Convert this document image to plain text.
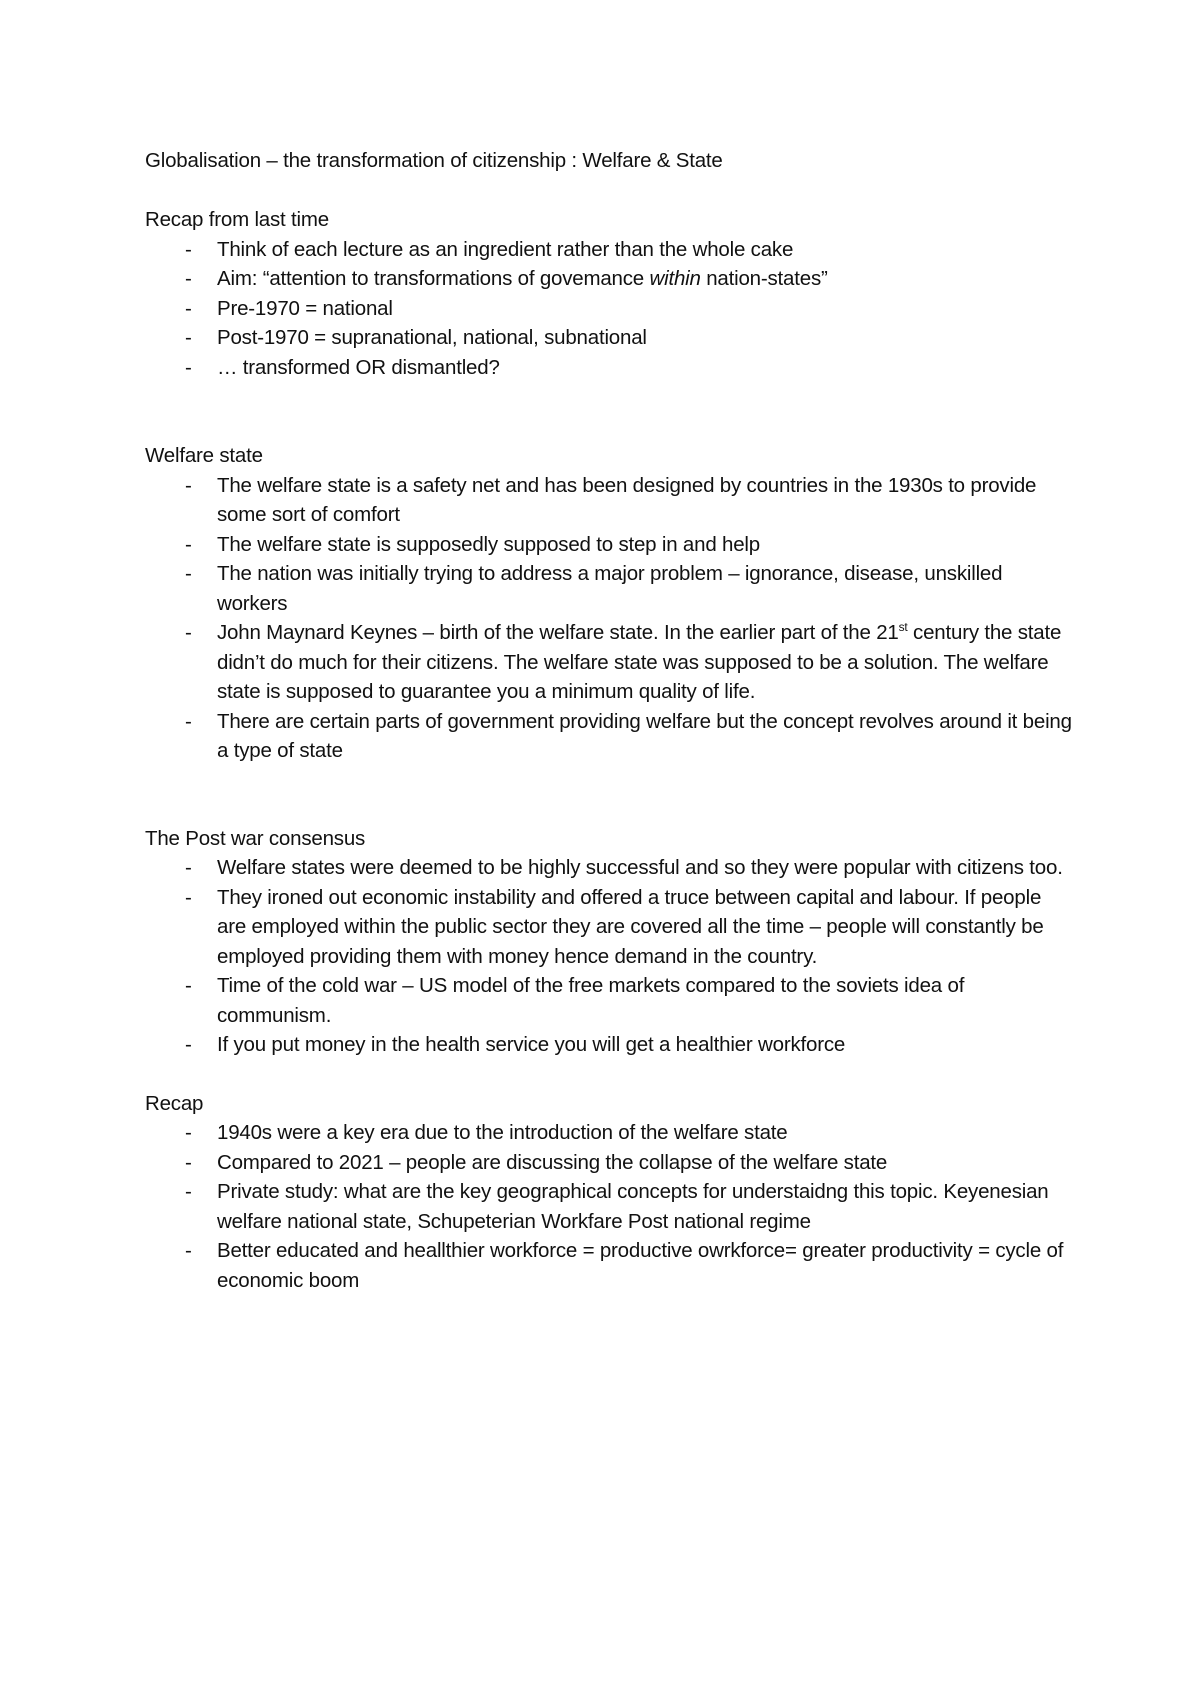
Globalisation – the transformation of citizenship : Welfare & State

Recap from last time

- Think of each lecture as an ingredient rather than the whole cake
- Aim: “attention to transformations of govemance within nation-states”
- Pre-1970 = national
- Post-1970 = supranational, national, subnational
- … transformed OR dismantled?

Welfare state

- The welfare state is a safety net and has been designed by countries in the 1930s to provide some sort of comfort
- The welfare state is supposedly supposed to step in and help
- The nation was initially trying to address a major problem – ignorance, disease, unskilled workers
- John Maynard Keynes – birth of the welfare state. In the earlier part of the 21st century the state didn’t do much for their citizens. The welfare state was supposed to be a solution. The welfare state is supposed to guarantee you a minimum quality of life.
- There are certain parts of government providing welfare but the concept revolves around it being a type of state

The Post war consensus

- Welfare states were deemed to be highly successful and so they were popular with citizens too.
- They ironed out economic instability and offered a truce between capital and labour. If people are employed within the public sector they are covered all the time – people will constantly be employed providing them with money hence demand in the country.
- Time of the cold war – US model of the free markets compared to the soviets idea of communism.
- If you put money in the health service you will get a healthier workforce

Recap

- 1940s were a key era due to the introduction of the welfare state
- Compared to 2021 – people are discussing the collapse of the welfare state
- Private study: what are the key geographical concepts for understaidng this topic. Keyenesian welfare national state, Schupeterian Workfare Post national regime
- Better educated and heallthier workforce = productive owrkforce= greater productivity = cycle of economic boom
